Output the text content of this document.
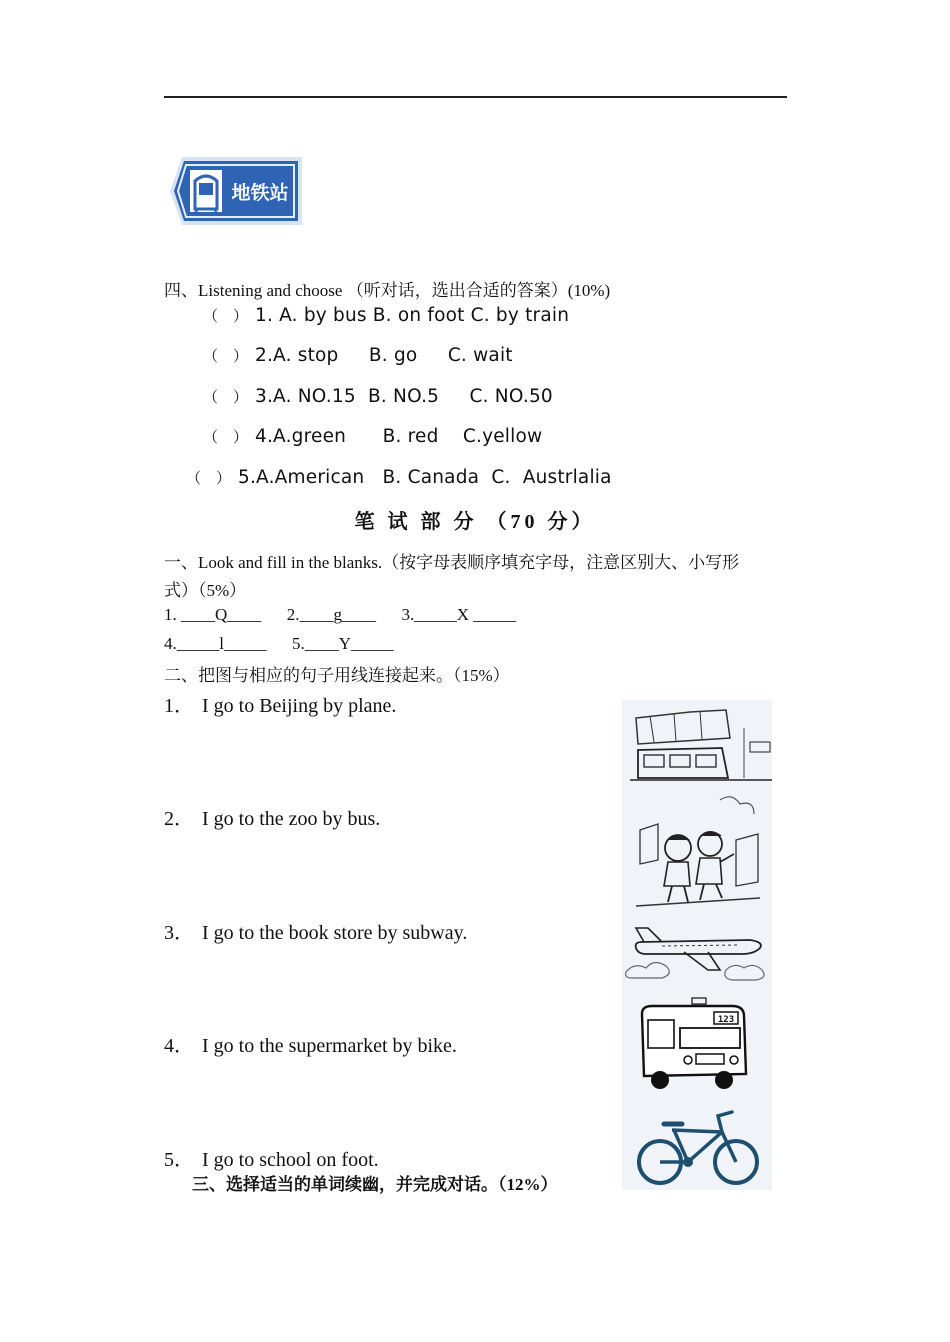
地铁站
四、Listening and choose （听对话，选出合适的答案）(10%)
（　） 1. A. by bus B. on foot C. by train
（　） 2.A. stop     B. go     C. wait
（　） 3.A. NO.15  B. NO.5     C. NO.50
（　） 4.A.green      B. red    C.yellow
（　） 5.A.American   B. Canada  C.  Austrlalia
笔 试 部 分 （70 分）
一、Look and fill in the blanks.（按字母表顺序填充字母，注意区别大、小写形
式）（5%）
1. ____Q____      2.____g____      3._____X _____
4._____l_____      5.____Y_____
二、把图与相应的句子用线连接起来。（15%）
1． I go to Beijing by plane.
2． I go to the zoo by bus.
3． I go to the book store by subway.
4． I go to the supermarket by bike.
5． I go to school on foot.
123
三、选择适当的单词续幽，并完成对话。（12%）
